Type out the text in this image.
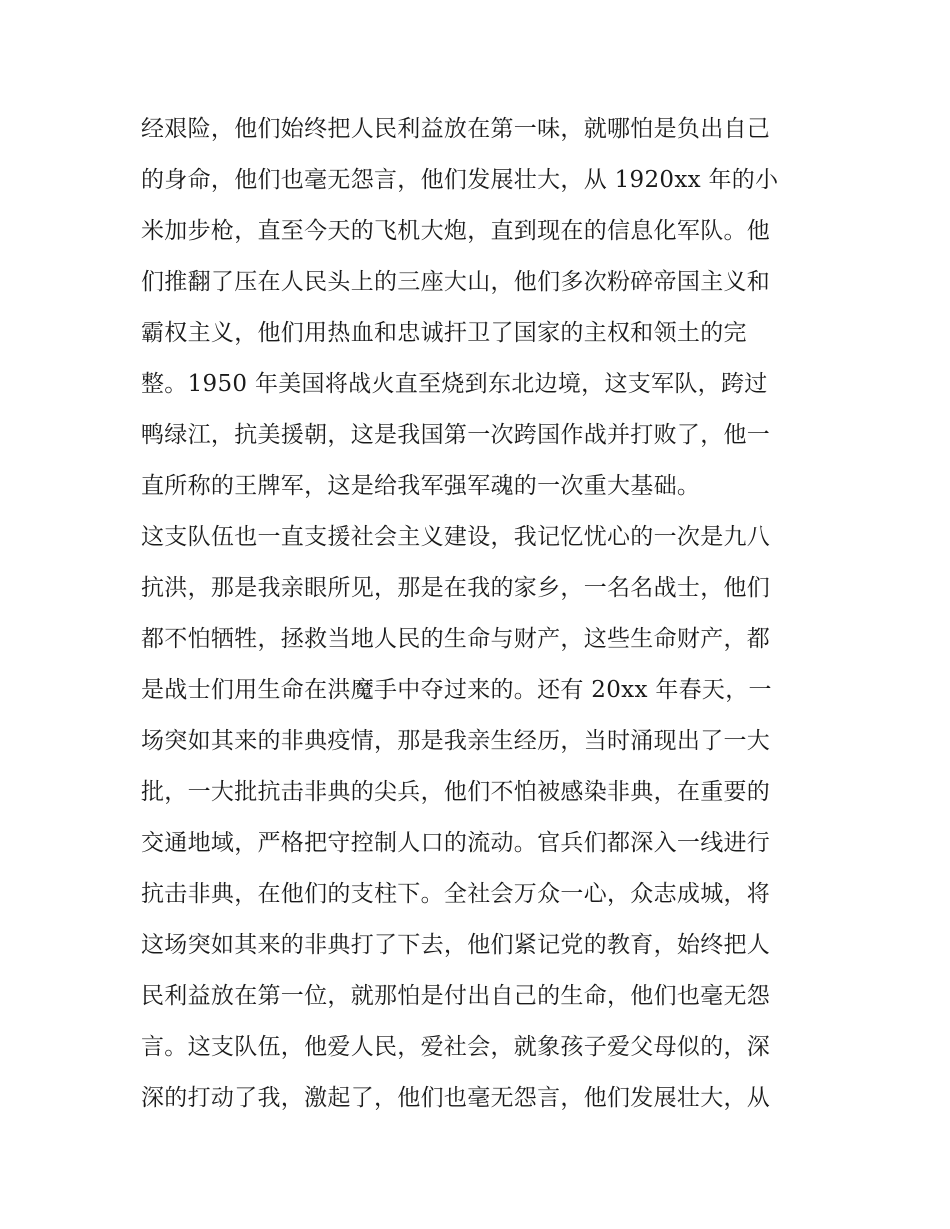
经艰险，他们始终把人民利益放在第一味，就哪怕是负出自己
的身命，他们也毫无怨言，他们发展壮大，从 1920xx 年的小
米加步枪，直至今天的飞机大炮，直到现在的信息化军队。他
们推翻了压在人民头上的三座大山，他们多次粉碎帝国主义和
霸权主义，他们用热血和忠诚扞卫了国家的主权和领土的完
整。1950 年美国将战火直至烧到东北边境，这支军队，跨过
鸭绿江，抗美援朝，这是我国第一次跨国作战并打败了，他一
直所称的王牌军，这是给我军强军魂的一次重大基础。
这支队伍也一直支援社会主义建设，我记忆忧心的一次是九八
抗洪，那是我亲眼所见，那是在我的家乡，一名名战士，他们
都不怕牺牲，拯救当地人民的生命与财产，这些生命财产，都
是战士们用生命在洪魔手中夺过来的。还有 20xx 年春天，一
场突如其来的非典疫情，那是我亲生经历，当时涌现出了一大
批，一大批抗击非典的尖兵，他们不怕被感染非典，在重要的
交通地域，严格把守控制人口的流动。官兵们都深入一线进行
抗击非典，在他们的支柱下。全社会万众一心，众志成城，将
这场突如其来的非典打了下去，他们紧记党的教育，始终把人
民利益放在第一位，就那怕是付出自己的生命，他们也毫无怨
言。这支队伍，他爱人民，爱社会，就象孩子爱父母似的，深
深的打动了我，激起了，他们也毫无怨言，他们发展壮大，从
